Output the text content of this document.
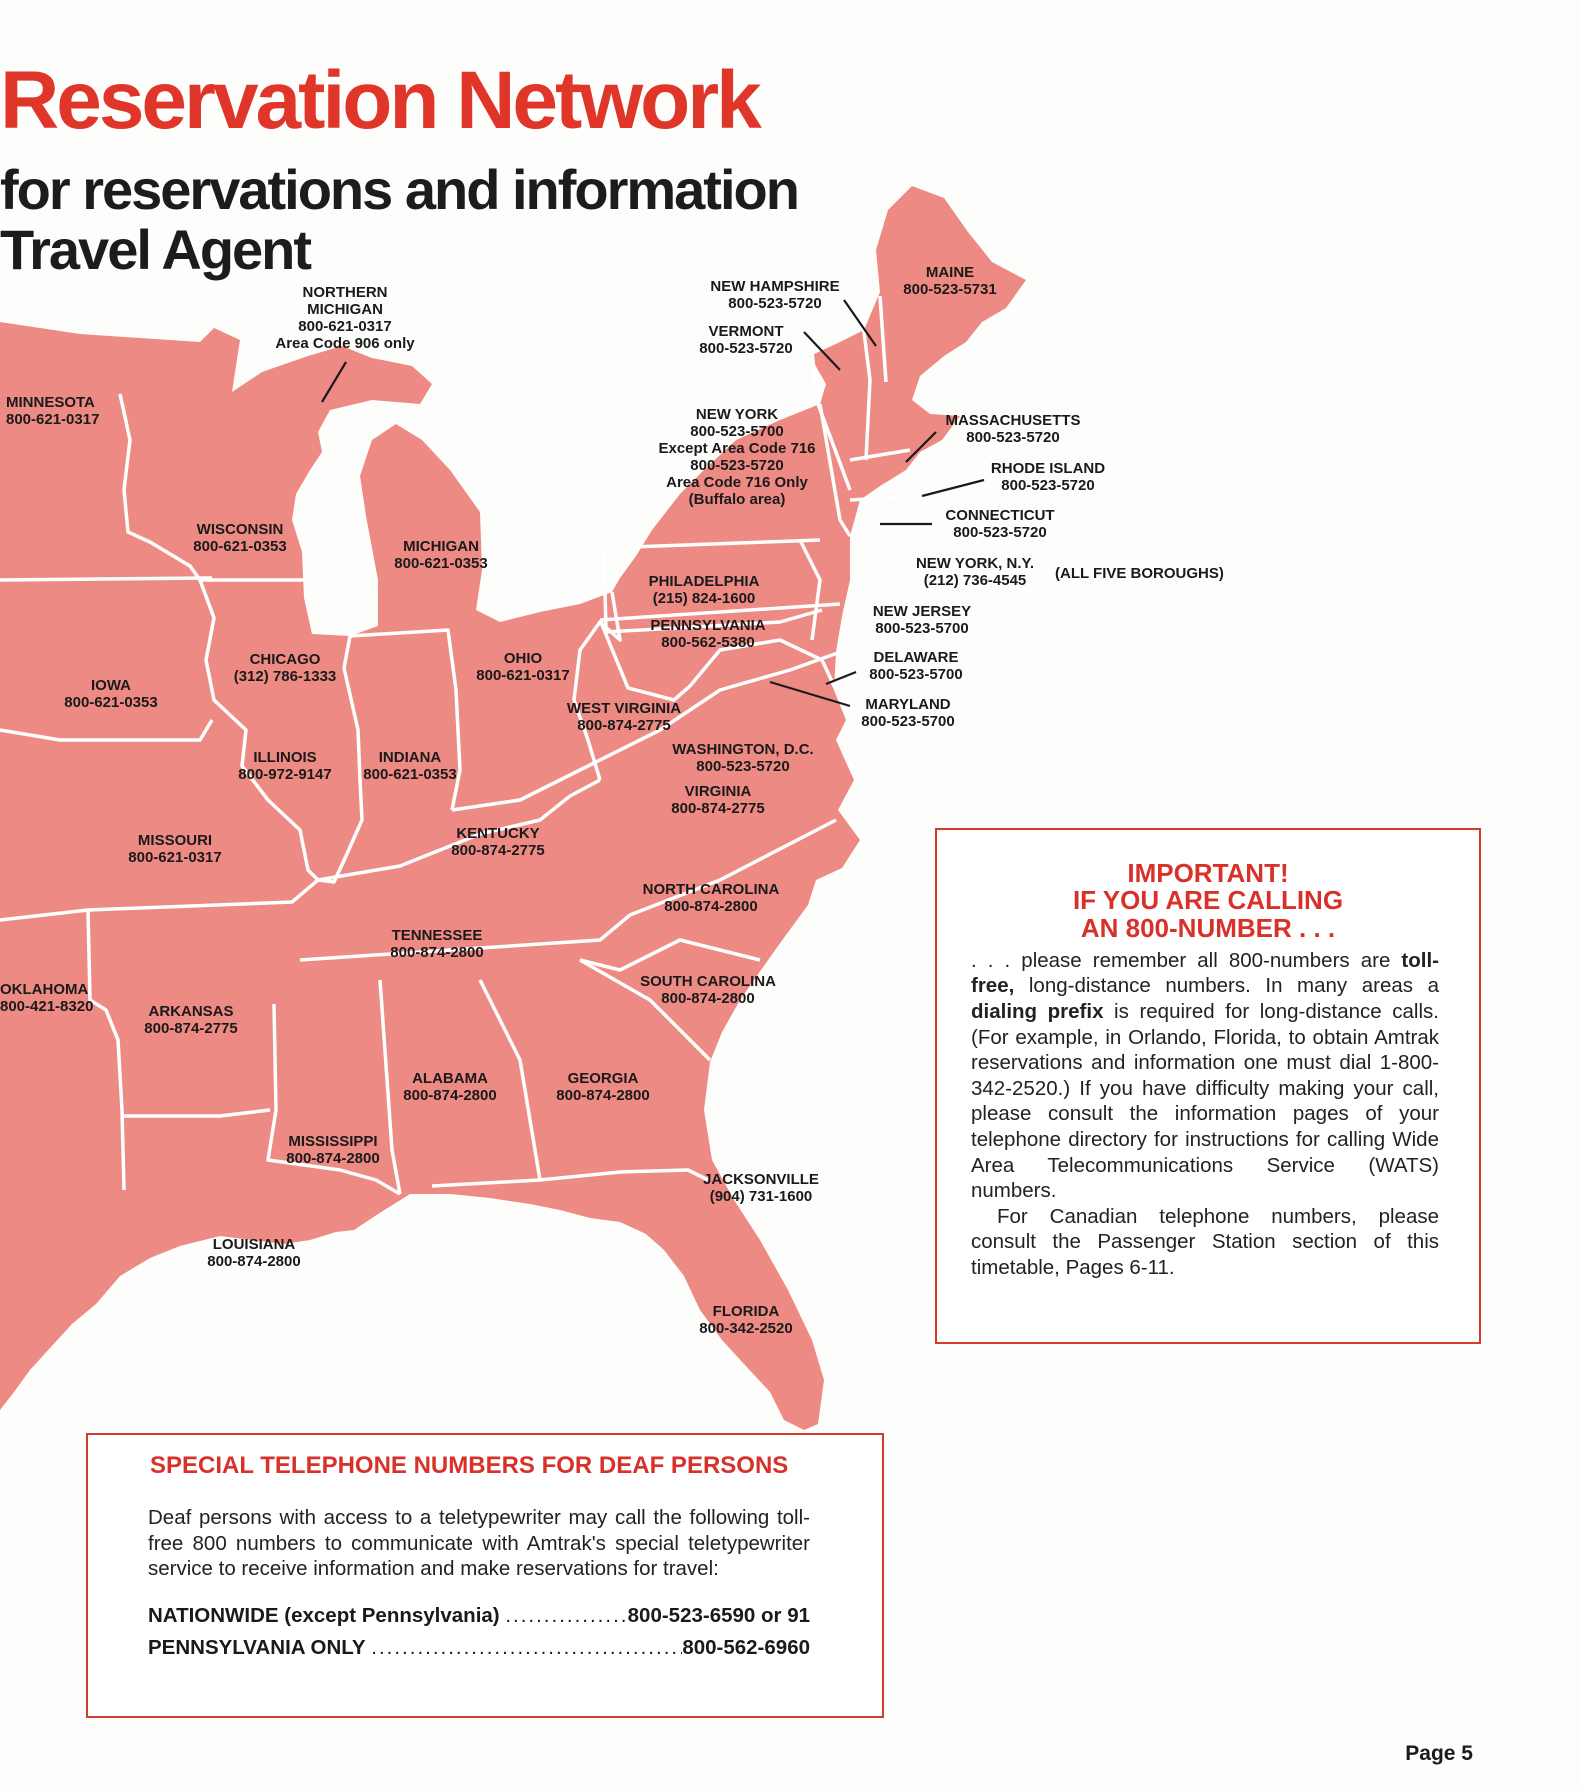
Reservation Network
for reservations and information
Travel Agent
NORTHERN MICHIGAN 800-621-0317 Area Code 906 only
MINNESOTA 800-621-0317
WISCONSIN 800-621-0353	MICHIGAN 800-621-0353
IOWA 800-621-0353
CHICAGO (312) 786-1333
ILLINOIS 800-972-9147
INDIANA 800-621-0353
OHIO 800-621-0317
MISSOURI 800-621-0317
KENTUCKY 800-874-2775
WEST VIRGINIA 800-874-2775
WASHINGTON, D.C. 800-523-5720
VIRGINIA 800-874-2775
TENNESSEE 800-874-2800
NORTH CAROLINA 800-874-2800
SOUTH CAROLINA 800-874-2800
OKLAHOMA 800-421-8320	ARKANSAS 800-874-2775
MISSISSIPPI 800-874-2800
ALABAMA 800-874-2800
GEORGIA 800-874-2800
LOUISIANA 800-874-2800
JACKSONVILLE (904) 731-1600
FLORIDA 800-342-2520
NEW YORK 800-523-5700 Except Area Code 716 800-523-5720 Area Code 716 Only (Buffalo area)
PHILADELPHIA (215) 824-1600
PENNSYLVANIA 800-562-5380
NEW HAMPSHIRE 800-523-5720
VERMONT 800-523-5720
MAINE 800-523-5731
MASSACHUSETTS 800-523-5720
RHODE ISLAND 800-523-5720
CONNECTICUT 800-523-5720
NEW YORK, N.Y. (212) 736-4545	(ALL FIVE BOROUGHS)
NEW JERSEY 800-523-5700
DELAWARE 800-523-5700
MARYLAND 800-523-5700
IMPORTANT!
IF YOU ARE CALLING
AN 800-NUMBER . . .

. . . please remember all 800-numbers are toll-free, long-distance numbers. In many areas a dialing prefix is required for long-distance calls. (For example, in Orlando, Florida, to obtain Amtrak reservations and information one must dial 1-800-342-2520.) If you have difficulty making your call, please consult the information pages of your telephone directory for instructions for calling Wide Area Telecommunications Service (WATS) numbers.

For Canadian telephone numbers, please consult the Passenger Station section of this timetable, Pages 6-11.

SPECIAL TELEPHONE NUMBERS FOR DEAF PERSONS
Deaf persons with access to a teletypewriter may call the following toll-free 800 numbers to communicate with Amtrak's special teletypewriter service to receive information and make reservations for travel:
NATIONWIDE (except Pennsylvania)
.....	800-523-6590 or 91
PENNSYLVANIA ONLY
.....	800-562-6960
Page 5
